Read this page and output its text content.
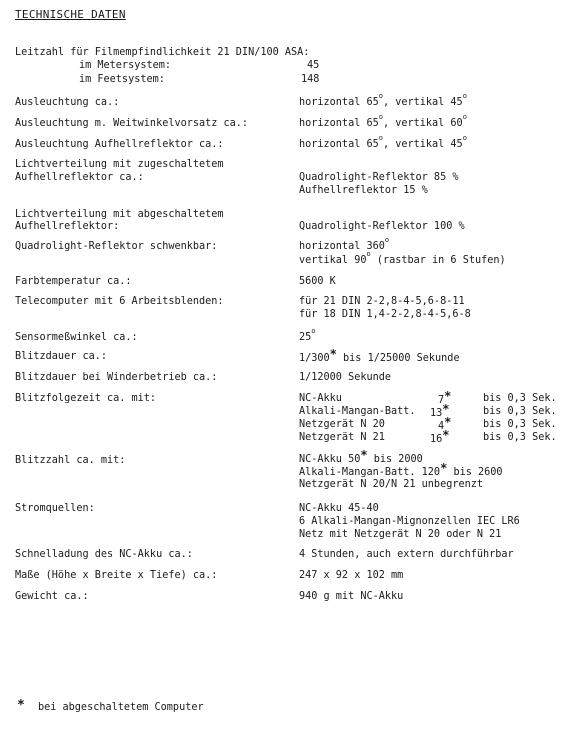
TECHNISCHE DATEN
Leitzahl für Filmempfindlichkeit 21 DIN/100 ASA:
im Metersystem:	45
im Feetsystem:	148
Ausleuchtung ca.:	horizontal 65$^o$, vertikal 45$^o$
Ausleuchtung m. Weitwinkelvorsatz ca.:	horizontal 65$^o$, vertikal 60$^o$
Ausleuchtung Aufhellreflektor ca.:	horizontal 65$^o$, vertikal 45$^o$
Lichtverteilung mit zugeschaltetem
Aufhellreflektor ca.:	Quadrolight-Reflektor 85 %
Aufhellreflektor 15 %
Lichtverteilung mit abgeschaltetem
Aufhellreflektor:	Quadrolight-Reflektor 100 %
Quadrolight-Reflektor schwenkbar:	horizontal 360$^o$
vertikal 90$^o$ (rastbar in 6 Stufen)
Farbtemperatur ca.:	5600 K
Telecomputer mit 6 Arbeitsblenden:	für 21 DIN 2-2,8-4-5,6-8-11
für 18 DIN 1,4-2-2,8-4-5,6-8
Sensormeßwinkel ca.:	25$^o$
Blitzdauer ca.:	1/300* bis 1/25000 Sekunde
Blitzdauer bei Winderbetrieb ca.:	1/12000 Sekunde
Blitzfolgezeit ca. mit:	NC-Akku	7*	bis 0,3 Sek.
Alkali-Mangan-Batt. 13*	bis 0,3 Sek.
Netzgerät N 20	4*	bis 0,3 Sek.
Netzgerät N 21	16*	bis 0,3 Sek.
Blitzzahl ca. mit:	NC-Akku 50* bis 2000
Alkali-Mangan-Batt. 120* bis 2600
Netzgerät N 20/N 21 unbegrenzt
Stromquellen:	NC-Akku 45-40
6 Alkali-Mangan-Mignonzellen IEC LR6
Netz mit Netzgerät N 20 oder N 21
Schnelladung des NC-Akku ca.:	4 Stunden, auch extern durchführbar
Maße (Höhe x Breite x Tiefe) ca.:	247 x 92 x 102 mm
Gewicht ca.:	940 g mit NC-Akku
* bei abgeschaltetem Computer
